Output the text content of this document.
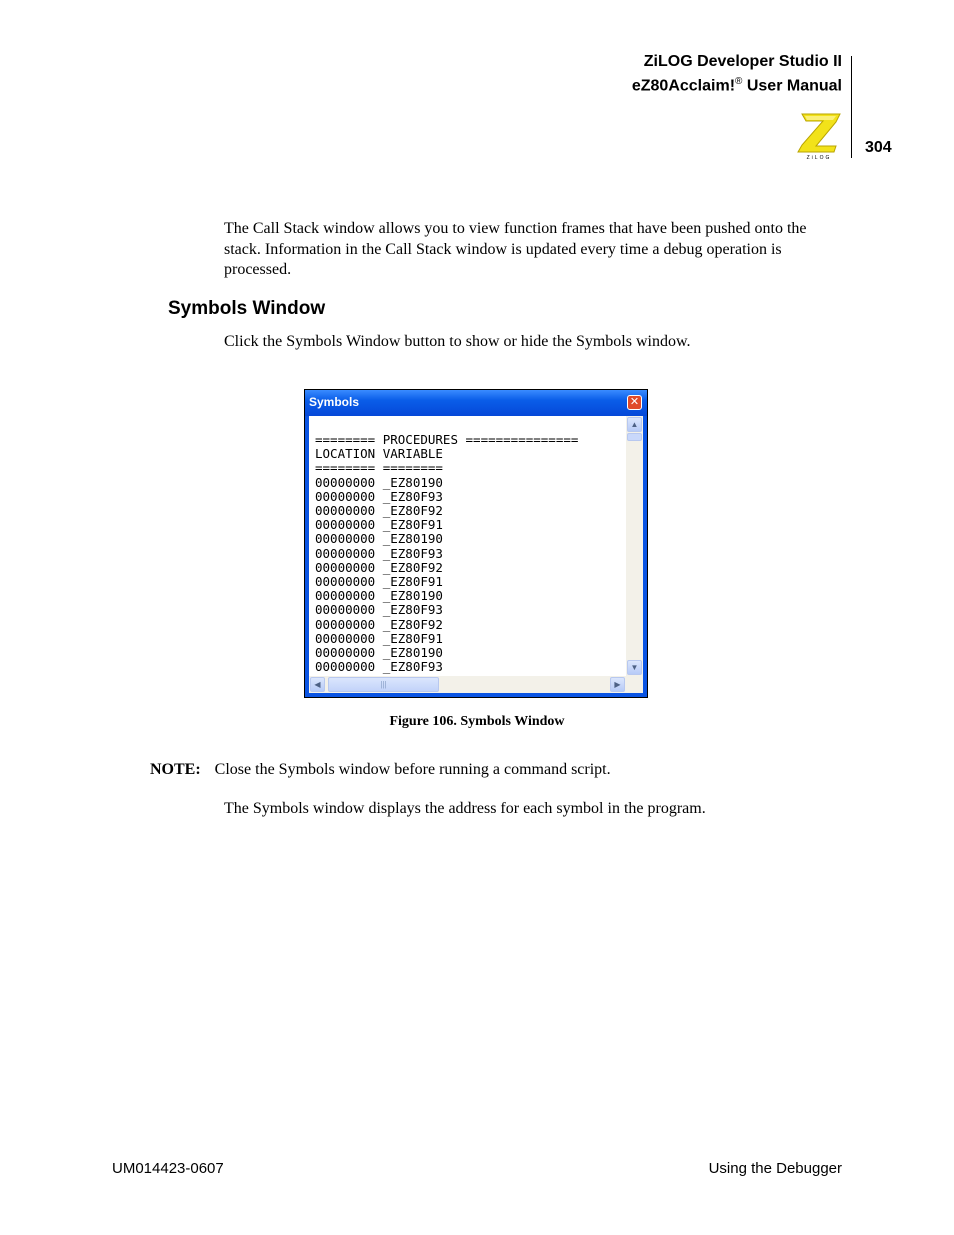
ZiLOG Developer Studio II
eZ80Acclaim!® User Manual
ZiLOG
304
The Call Stack window allows you to view function frames that have been pushed onto the stack. Information in the Call Stack window is updated every time a debug operation is processed.
Symbols Window
Click the Symbols Window button to show or hide the Symbols window.
Symbols	✕
======== PROCEDURES ===============
LOCATION VARIABLE
======== ========
00000000 _EZ80190
00000000 _EZ80F93
00000000 _EZ80F92
00000000 _EZ80F91
00000000 _EZ80190
00000000 _EZ80F93
00000000 _EZ80F92
00000000 _EZ80F91
00000000 _EZ80190
00000000 _EZ80F93
00000000 _EZ80F92
00000000 _EZ80F91
00000000 _EZ80190
00000000 _EZ80F93
▲
▼
◀	|||	▶
Figure 106. Symbols Window
NOTE: Close the Symbols window before running a command script.
The Symbols window displays the address for each symbol in the program.
UM014423-0607	Using the Debugger
